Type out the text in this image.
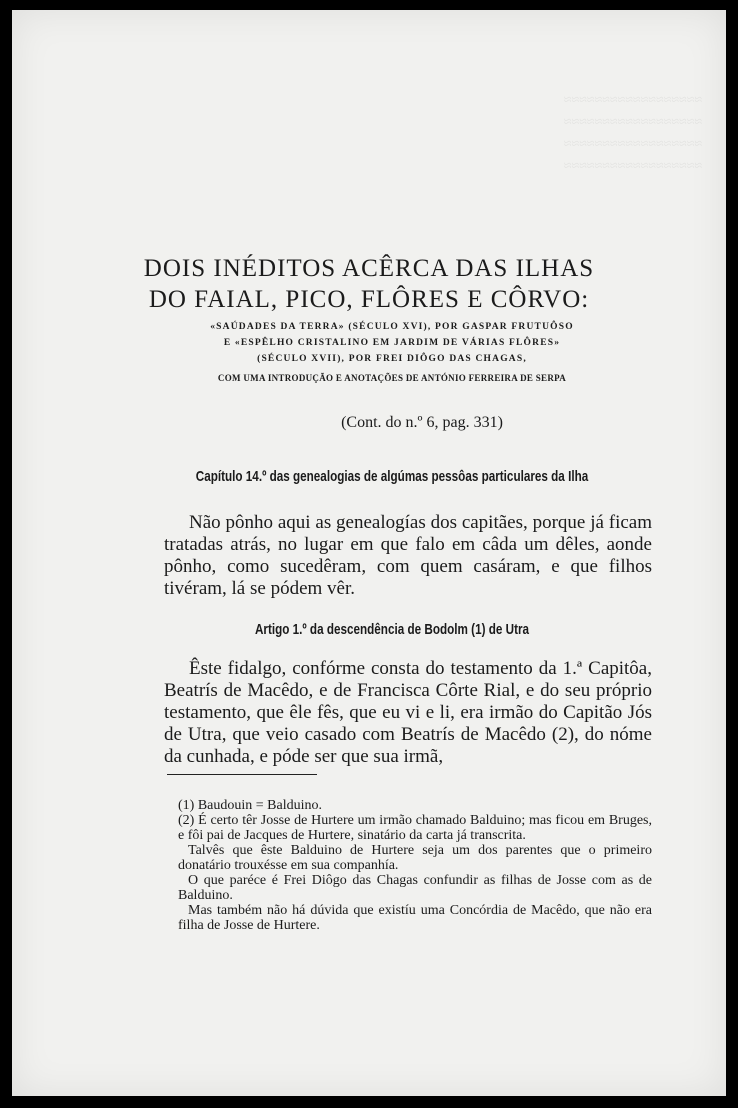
≈≈≈≈≈≈≈≈≈≈≈≈≈≈≈≈≈≈
≈≈≈≈≈≈≈≈≈≈≈≈≈≈≈≈≈≈
≈≈≈≈≈≈≈≈≈≈≈≈≈≈≈≈≈≈
≈≈≈≈≈≈≈≈≈≈≈≈≈≈≈≈≈≈
DOIS INÉDITOS ACÊRCA DAS ILHAS
DO FAIAL, PICO, FLÔRES E CÔRVO:
«SAÚDADES DA TERRA» (SÉCULO XVI), POR GASPAR FRUTUÔSO
E «ESPÊLHO CRISTALINO EM JARDIM DE VÁRIAS FLÔRES»
(SÉCULO XVII), POR FREI DIÔGO DAS CHAGAS,
COM UMA INTRODUÇÃO E ANOTAÇÕES DE ANTÓNIO FERREIRA DE SERPA
(Cont. do n.º 6, pag. 331)
Capítulo 14.º das genealogias de algúmas pessôas particulares da Ilha

Não pônho aqui as genealogías dos capitães, porque já ficam tratadas atrás, no lugar em que falo em câda um dêles, aonde pônho, como sucedêram, com quem casáram, e que filhos tivéram, lá se pódem vêr.

Artigo 1.º da descendência de Bodolm (1) de Utra

Êste fidalgo, confórme consta do testamento da 1.ª Capitôa, Beatrís de Macêdo, e de Francisca Côrte Rial, e do seu próprio testamento, que êle fês, que eu vi e li, era irmão do Capitão Jós de Utra, que veio casado com Beatrís de Macêdo (2), do nóme da cunhada, e póde ser que sua irmã,

(1) Baudouin = Balduino.

(2) É certo têr Josse de Hurtere um irmão chamado Balduino; mas ficou em Bruges, e fôi pai de Jacques de Hurtere, sinatário da carta já transcrita.

Talvês que êste Balduino de Hurtere seja um dos parentes que o primeiro donatário trouxésse em sua companhía.

O que paréce é Frei Diôgo das Chagas confundir as filhas de Josse com as de Balduino.

Mas também não há dúvida que existíu uma Concórdia de Macêdo, que não era filha de Josse de Hurtere.
